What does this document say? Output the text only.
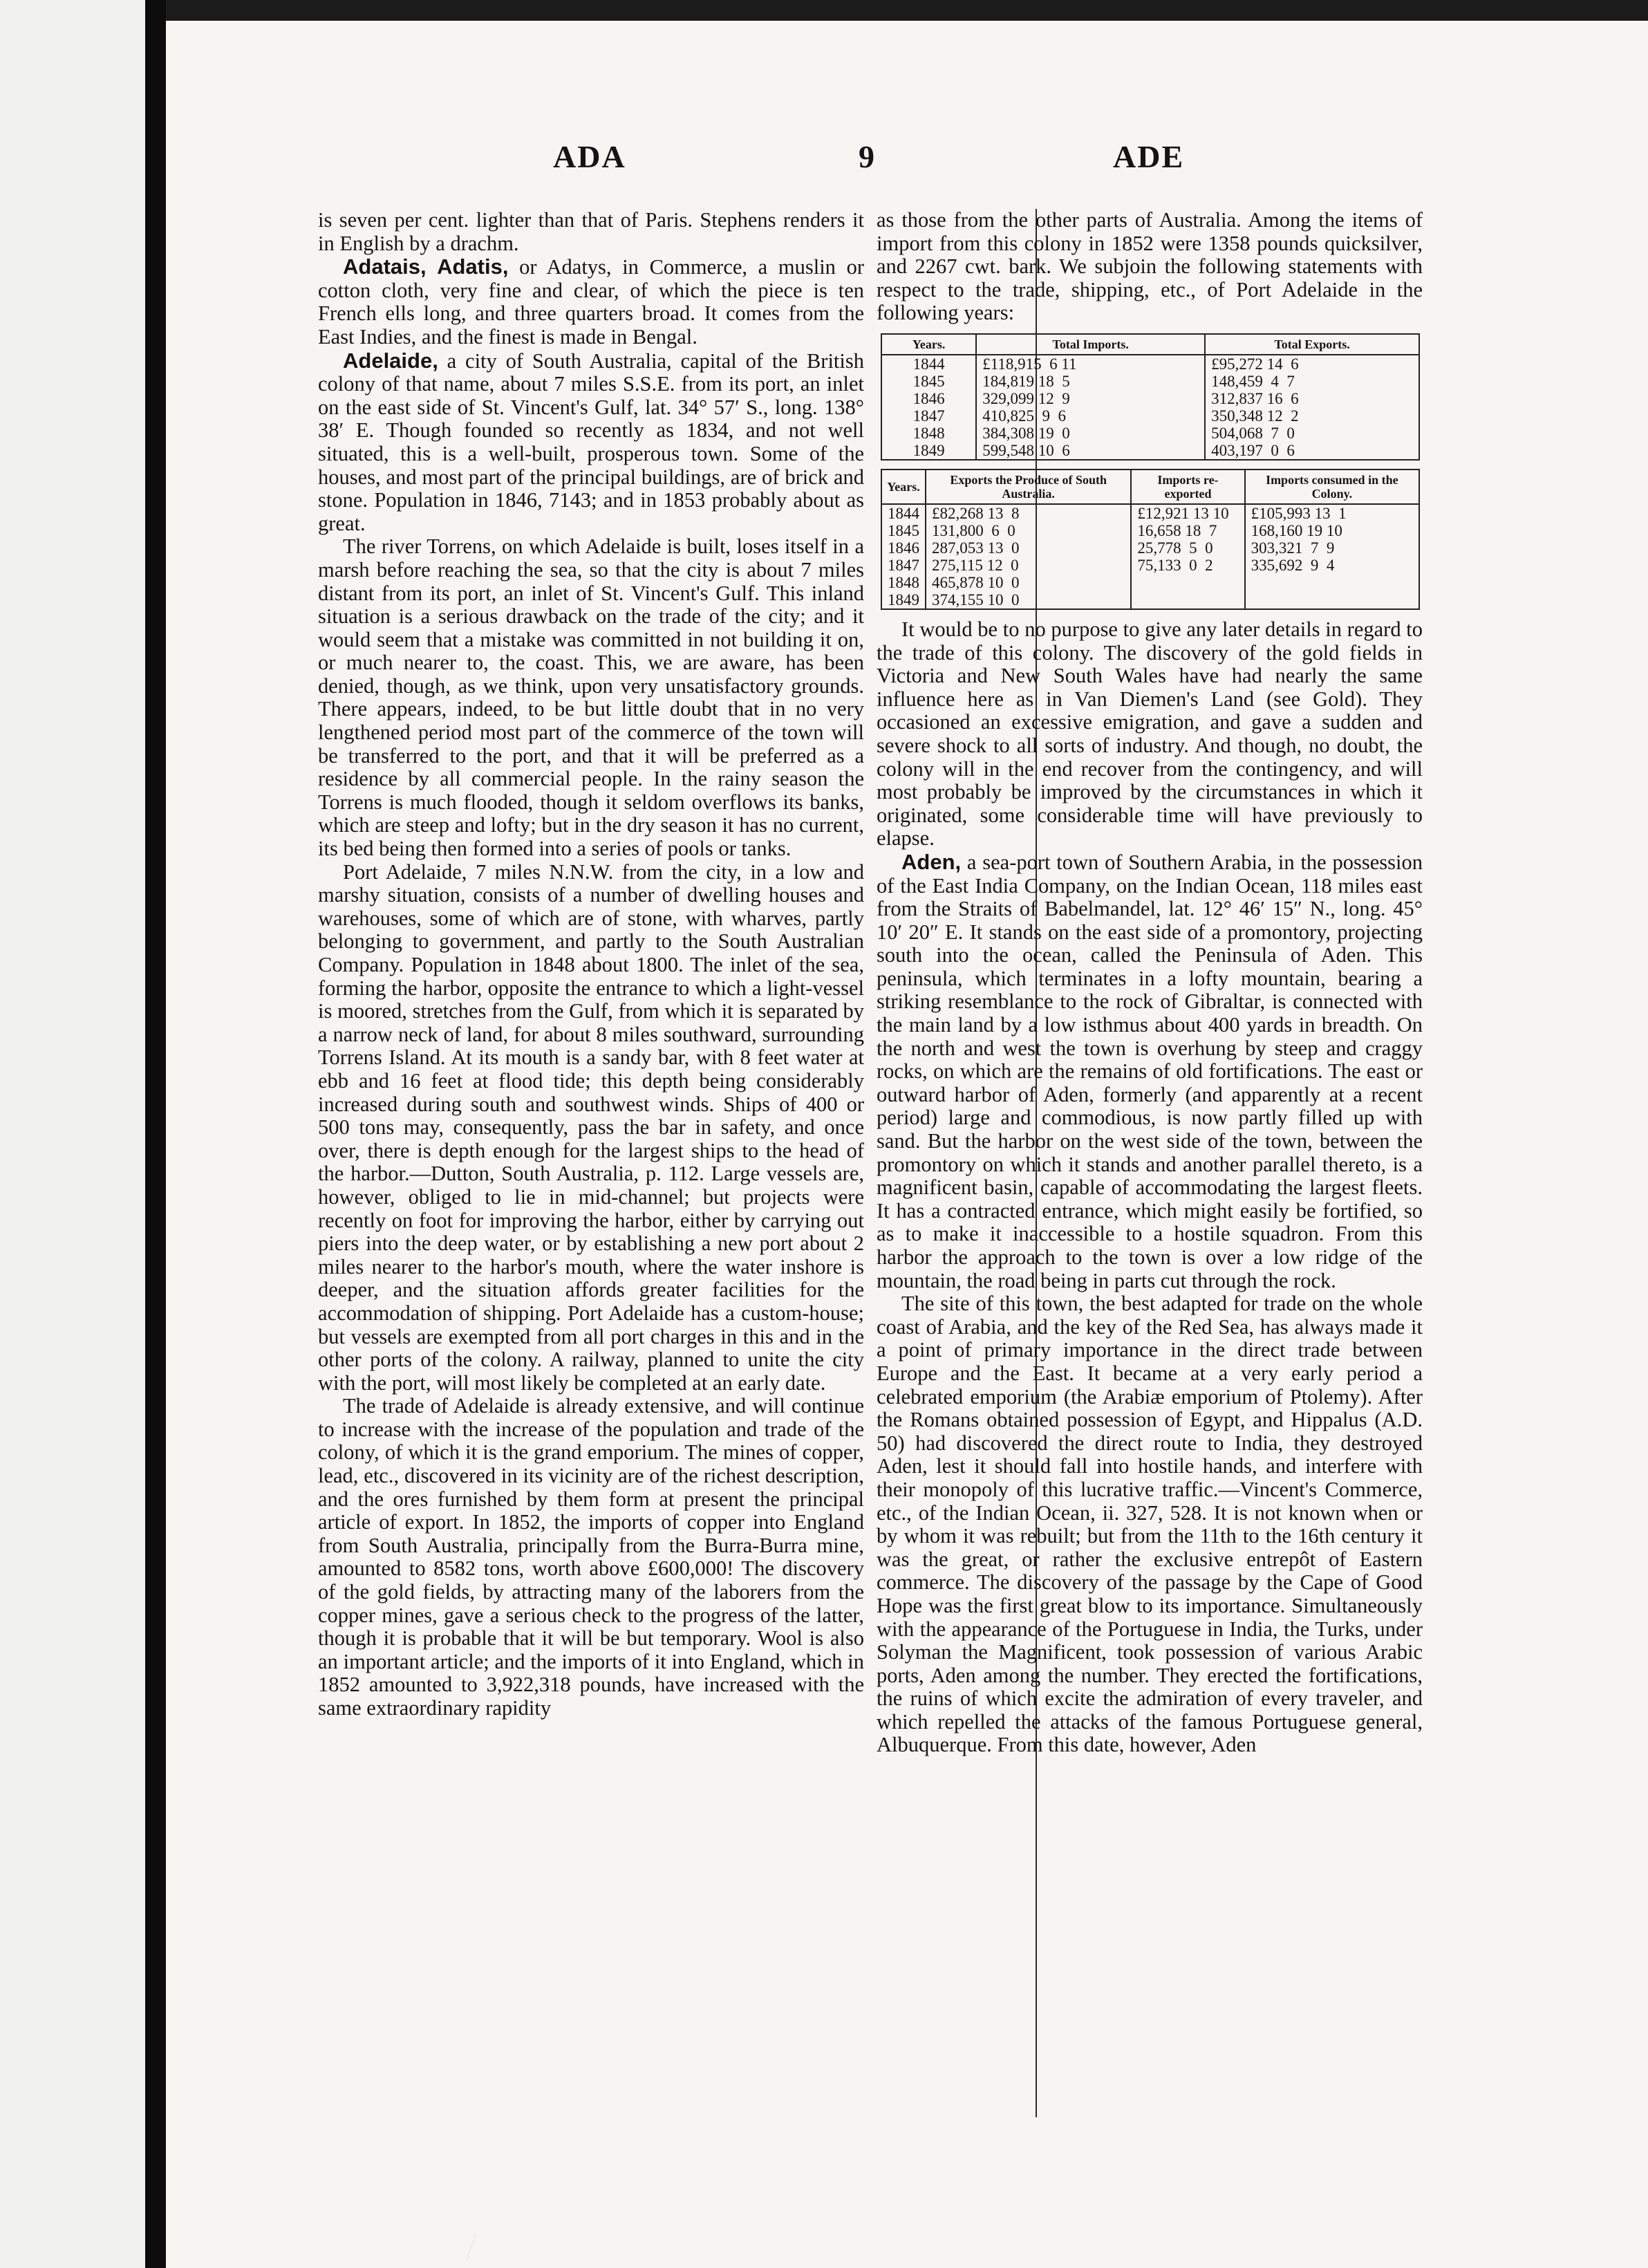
ADA	9	ADE

is seven per cent. lighter than that of Paris. Stephens renders it in English by a drachm.

Adatais, Adatis, or Adatys, in Commerce, a muslin or cotton cloth, very fine and clear, of which the piece is ten French ells long, and three quarters broad. It comes from the East Indies, and the finest is made in Bengal.

Adelaide, a city of South Australia, capital of the British colony of that name, about 7 miles S.S.E. from its port, an inlet on the east side of St. Vincent's Gulf, lat. 34° 57′ S., long. 138° 38′ E. Though founded so recently as 1834, and not well situated, this is a well-built, prosperous town. Some of the houses, and most part of the principal buildings, are of brick and stone. Population in 1846, 7143; and in 1853 probably about as great.

The river Torrens, on which Adelaide is built, loses itself in a marsh before reaching the sea, so that the city is about 7 miles distant from its port, an inlet of St. Vincent's Gulf. This inland situation is a serious drawback on the trade of the city; and it would seem that a mistake was committed in not building it on, or much nearer to, the coast. This, we are aware, has been denied, though, as we think, upon very unsatisfactory grounds. There appears, indeed, to be but little doubt that in no very lengthened period most part of the commerce of the town will be transferred to the port, and that it will be preferred as a residence by all commercial people. In the rainy season the Torrens is much flooded, though it seldom overflows its banks, which are steep and lofty; but in the dry season it has no current, its bed being then formed into a series of pools or tanks.

Port Adelaide, 7 miles N.N.W. from the city, in a low and marshy situation, consists of a number of dwelling houses and warehouses, some of which are of stone, with wharves, partly belonging to government, and partly to the South Australian Company. Population in 1848 about 1800. The inlet of the sea, forming the harbor, opposite the entrance to which a light-vessel is moored, stretches from the Gulf, from which it is separated by a narrow neck of land, for about 8 miles southward, surrounding Torrens Island. At its mouth is a sandy bar, with 8 feet water at ebb and 16 feet at flood tide; this depth being considerably increased during south and southwest winds. Ships of 400 or 500 tons may, consequently, pass the bar in safety, and once over, there is depth enough for the largest ships to the head of the harbor.—Dutton, South Australia, p. 112. Large vessels are, however, obliged to lie in mid-channel; but projects were recently on foot for improving the harbor, either by carrying out piers into the deep water, or by establishing a new port about 2 miles nearer to the harbor's mouth, where the water inshore is deeper, and the situation affords greater facilities for the accommodation of shipping. Port Adelaide has a custom-house; but vessels are exempted from all port charges in this and in the other ports of the colony. A railway, planned to unite the city with the port, will most likely be completed at an early date.

The trade of Adelaide is already extensive, and will continue to increase with the increase of the population and trade of the colony, of which it is the grand emporium. The mines of copper, lead, etc., discovered in its vicinity are of the richest description, and the ores furnished by them form at present the principal article of export. In 1852, the imports of copper into England from South Australia, principally from the Burra-Burra mine, amounted to 8582 tons, worth above £600,000! The discovery of the gold fields, by attracting many of the laborers from the copper mines, gave a serious check to the progress of the latter, though it is probable that it will be but temporary. Wool is also an important article; and the imports of it into England, which in 1852 amounted to 3,922,318 pounds, have increased with the same extraordinary rapidity

as those from the other parts of Australia. Among the items of import from this colony in 1852 were 1358 pounds quicksilver, and 2267 cwt. bark. We subjoin the following statements with respect to the trade, shipping, etc., of Port Adelaide in the following years:

Years.	Total Imports.	Total Exports.
1844	£118,915  6 11	£95,272 14  6
1845	184,819 18  5	148,459  4  7
1846	329,099 12  9	312,837 16  6
1847	410,825  9  6	350,348 12  2
1848	384,308 19  0	504,068  7  0
1849	599,548 10  6	403,197  0  6
Years.	Exports the Produce of South Australia.	Imports re-exported	Imports consumed in the Colony.
1844	£82,268 13  8	£12,921 13 10	£105,993 13  1
1845	131,800  6  0	16,658 18  7	168,160 19 10
1846	287,053 13  0	25,778  5  0	303,321  7  9
1847	275,115 12  0	75,133  0  2	335,692  9  4
1848	465,878 10  0		
1849	374,155 10  0		

It would be to no purpose to give any later details in regard to the trade of this colony. The discovery of the gold fields in Victoria and New South Wales have had nearly the same influence here as in Van Diemen's Land (see Gold). They occasioned an excessive emigration, and gave a sudden and severe shock to all sorts of industry. And though, no doubt, the colony will in the end recover from the contingency, and will most probably be improved by the circumstances in which it originated, some considerable time will have previously to elapse.

Aden, a sea-port town of Southern Arabia, in the possession of the East India Company, on the Indian Ocean, 118 miles east from the Straits of Babelmandel, lat. 12° 46′ 15″ N., long. 45° 10′ 20″ E. It stands on the east side of a promontory, projecting south into the ocean, called the Peninsula of Aden. This peninsula, which terminates in a lofty mountain, bearing a striking resemblance to the rock of Gibraltar, is connected with the main land by a low isthmus about 400 yards in breadth. On the north and west the town is overhung by steep and craggy rocks, on which are the remains of old fortifications. The east or outward harbor of Aden, formerly (and apparently at a recent period) large and commodious, is now partly filled up with sand. But the harbor on the west side of the town, between the promontory on which it stands and another parallel thereto, is a magnificent basin, capable of accommodating the largest fleets. It has a contracted entrance, which might easily be fortified, so as to make it inaccessible to a hostile squadron. From this harbor the approach to the town is over a low ridge of the mountain, the road being in parts cut through the rock.

The site of this town, the best adapted for trade on the whole coast of Arabia, and the key of the Red Sea, has always made it a point of primary importance in the direct trade between Europe and the East. It became at a very early period a celebrated emporium (the Arabiæ emporium of Ptolemy). After the Romans obtained possession of Egypt, and Hippalus (A.D. 50) had discovered the direct route to India, they destroyed Aden, lest it should fall into hostile hands, and interfere with their monopoly of this lucrative traffic.—Vincent's Commerce, etc., of the Indian Ocean, ii. 327, 528. It is not known when or by whom it was rebuilt; but from the 11th to the 16th century it was the great, or rather the exclusive entrepôt of Eastern commerce. The discovery of the passage by the Cape of Good Hope was the first great blow to its importance. Simultaneously with the appearance of the Portuguese in India, the Turks, under Solyman the Magnificent, took possession of various Arabic ports, Aden among the number. They erected the fortifications, the ruins of which excite the admiration of every traveler, and which repelled the attacks of the famous Portuguese general, Albuquerque. From this date, however, Aden
